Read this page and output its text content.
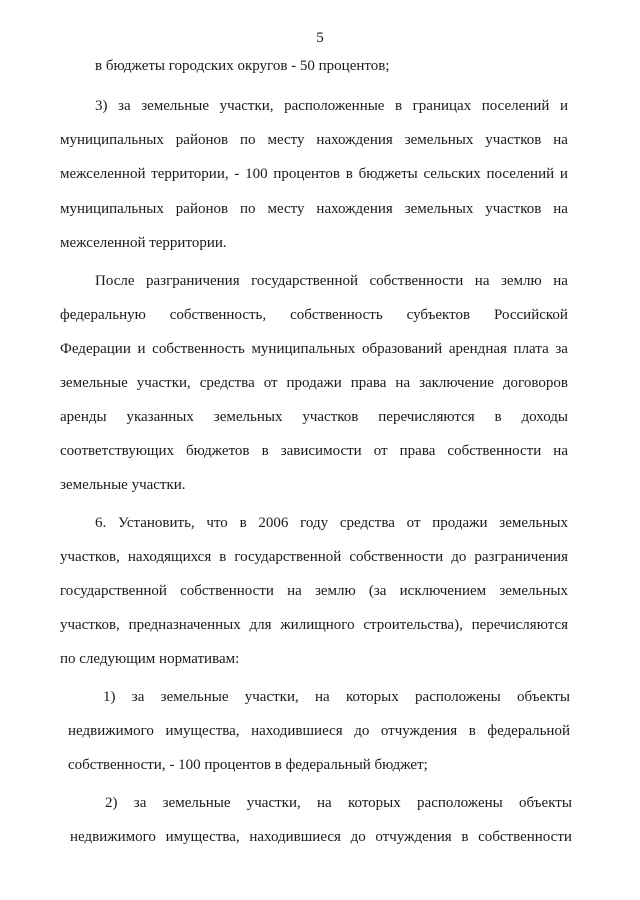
5
в бюджеты городских округов - 50 процентов;
3) за земельные участки, расположенные в границах поселений и
муниципальных районов по месту нахождения земельных участков на
межселенной территории, - 100 процентов в бюджеты сельских поселений и
муниципальных районов по месту нахождения земельных участков на
межселенной территории.
После разграничения государственной собственности на землю на
федеральную собственность, собственность субъектов Российской
Федерации и собственность муниципальных образований арендная плата за
земельные участки, средства от продажи права на заключение договоров
аренды указанных земельных участков перечисляются в доходы
соответствующих бюджетов в зависимости от права собственности на
земельные участки.
6. Установить, что в 2006 году средства от продажи земельных
участков, находящихся в государственной собственности до разграничения
государственной собственности на землю (за исключением земельных
участков, предназначенных для жилищного строительства), перечисляются
по следующим нормативам:
1) за земельные участки, на которых расположены объекты
недвижимого имущества, находившиеся до отчуждения в федеральной
собственности, - 100 процентов в федеральный бюджет;
2) за земельные участки, на которых расположены объекты
недвижимого имущества, находившиеся до отчуждения в собственности
